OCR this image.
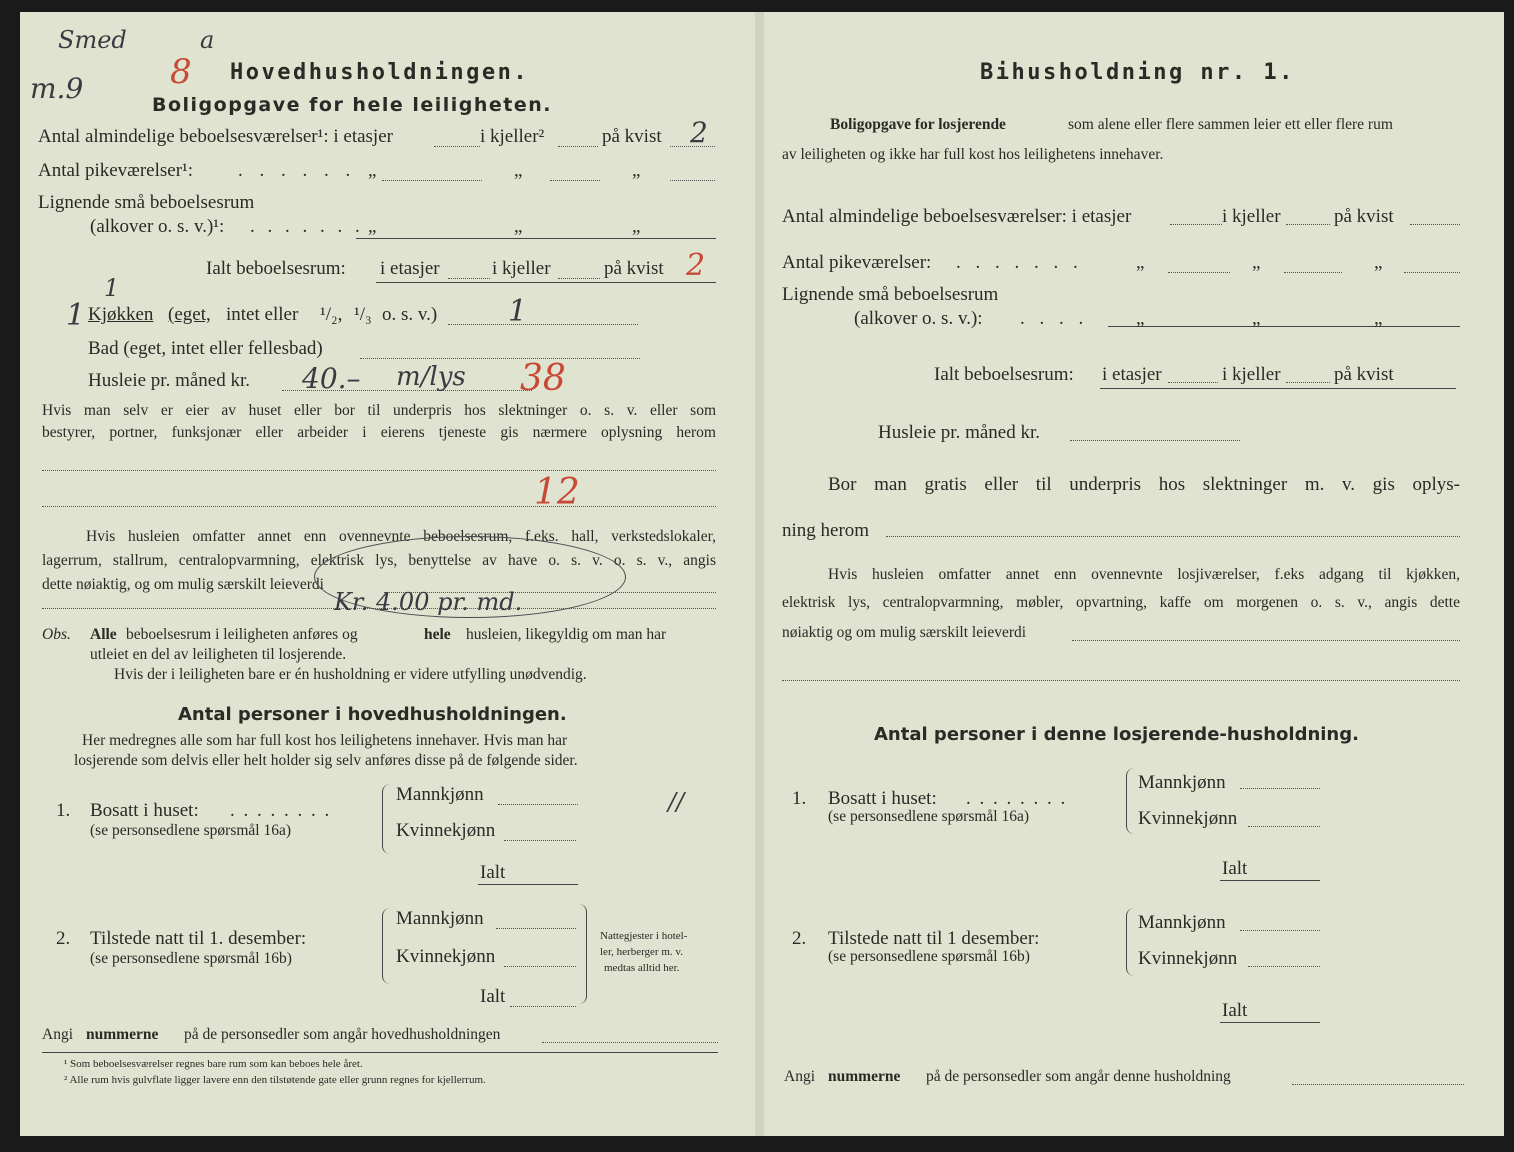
Smed	a
m.9	8 Hovedhusholdningen.
Boligopgave for hele leiligheten.
Antal almindelige beboelsesværelser¹: i etasjer	i kjeller²	på kvist 2
Antal pikeværelser¹: . . . . . . „	„	„
Lignende små beboelsesrum
(alkover o. s. v.)¹: . . . . . . . „	„	„
Ialt beboelsesrum: i etasjer	i kjeller	på kvist 2
1
1 Kjøkken (eget, intet eller ¹/₂, ¹/₃ o. s. v.) 1
Bad (eget, intet eller fellesbad)
Husleie pr. måned kr. 40.– m/lys 38
Hvis man selv er eier av huset eller bor til underpris hos slektninger o. s. v. eller som
bestyrer, portner, funksjonær eller arbeider i eierens tjeneste gis nærmere oplysning herom
12
Hvis husleien omfatter annet enn ovennevnte beboelsesrum, f.eks. hall, verkstedslokaler,
lagerrum, stallrum, centralopvarmning, elektrisk lys, benyttelse av have o. s. v. o. s. v., angis
dette nøiaktig, og om mulig særskilt leieverdi
Kr. 4.00 pr. md.
Obs. Alle beboelsesrum i leiligheten anføres og	hele husleien, likegyldig om man har
utleiet en del av leiligheten til losjerende.
Hvis der i leiligheten bare er én husholdning er videre utfylling unødvendig.
Antal personer i hovedhusholdningen.
Her medregnes alle som har full kost hos leilighetens innehaver. Hvis man har
losjerende som delvis eller helt holder sig selv anføres disse på de følgende sider.
1. Bosatt i huset: . . . . . . . .
(se personsedlene spørsmål 16a)
Mannkjønn
Kvinnekjønn
Ialt
//
2. Tilstede natt til 1. desember:
(se personsedlene spørsmål 16b)
Mannkjønn
Kvinnekjønn
Ialt
Nattegjester i hotel-
ler, herberger m. v.
medtas alltid her.
Angi nummerne på de personsedler som angår hovedhusholdningen
¹ Som beboelsesværelser regnes bare rum som kan beboes hele året.
² Alle rum hvis gulvflate ligger lavere enn den tilstøtende gate eller grunn regnes for kjellerrum.
Bihusholdning nr. 1.
Boligopgave for losjerende	som alene eller flere sammen leier ett eller flere rum
av leiligheten og ikke har full kost hos leilighetens innehaver.
Antal almindelige beboelsesværelser: i etasjer	i kjeller	på kvist
Antal pikeværelser: . . . . . . .	„	„	„
Lignende små beboelsesrum
(alkover o. s. v.): . . . .	„	„	„
Ialt beboelsesrum: i etasjer	i kjeller	på kvist
Husleie pr. måned kr.
Bor man gratis eller til underpris hos slektninger m. v. gis oplys-
ning herom
Hvis husleien omfatter annet enn ovennevnte losjiværelser, f.eks adgang til kjøkken,
elektrisk lys, centralopvarmning, møbler, opvartning, kaffe om morgenen o. s. v., angis dette
nøiaktig og om mulig særskilt leieverdi
Antal personer i denne losjerende-husholdning.
1. Bosatt i huset: . . . . . . . .
(se personsedlene spørsmål 16a)
Mannkjønn
Kvinnekjønn
Ialt
2. Tilstede natt til 1 desember:
(se personsedlene spørsmål 16b)
Mannkjønn
Kvinnekjønn
Ialt
Angi nummerne på de personsedler som angår denne husholdning
